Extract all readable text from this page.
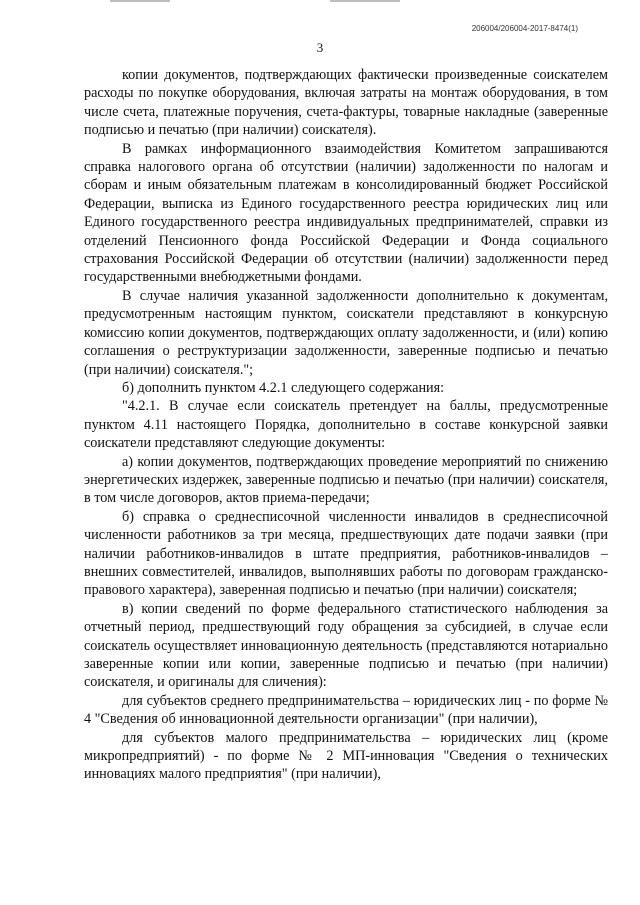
206004/206004-2017-8474(1)
3

копии документов, подтверждающих фактически произведенные соискателем расходы по покупке оборудования, включая затраты на монтаж оборудования, в том числе счета, платежные поручения, счета-фактуры, товарные накладные (заверенные подписью и печатью (при наличии) соискателя).

В рамках информационного взаимодействия Комитетом запрашиваются справка налогового органа об отсутствии (наличии) задолженности по налогам и сборам и иным обязательным платежам в консолидированный бюджет Российской Федерации, выписка из Единого государственного реестра юридических лиц или Единого государственного реестра индивидуальных предпринимателей, справки из отделений Пенсионного фонда Российской Федерации и Фонда социального страхования Российской Федерации об отсутствии (наличии) задолженности перед государственными внебюджетными фондами.

В случае наличия указанной задолженности дополнительно к документам, предусмотренным настоящим пунктом, соискатели представляют в конкурсную комиссию копии документов, подтверждающих оплату задолженности, и (или) копию соглашения о реструктуризации задолженности, заверенные подписью и печатью (при наличии) соискателя.";

б) дополнить пунктом 4.2.1 следующего содержания:

"4.2.1. В случае если соискатель претендует на баллы, предусмотренные пунктом 4.11 настоящего Порядка, дополнительно в составе конкурсной заявки соискатели представляют следующие документы:

а) копии документов, подтверждающих проведение мероприятий по снижению энергетических издержек, заверенные подписью и печатью (при наличии) соискателя, в том числе договоров, актов приема-передачи;

б) справка о среднесписочной численности инвалидов в среднесписочной численности работников за три месяца, предшествующих дате подачи заявки (при наличии работников-инвалидов в штате предприятия, работников-инвалидов – внешних совместителей, инвалидов, выполнявших работы по договорам гражданско-правового характера), заверенная подписью и печатью (при наличии) соискателя;

в) копии сведений по форме федерального статистического наблюдения за отчетный период, предшествующий году обращения за субсидией, в случае если соискатель осуществляет инновационную деятельность (представляются нотариально заверенные копии или копии, заверенные подписью и печатью (при наличии) соискателя, и оригиналы для сличения):

для субъектов среднего предпринимательства – юридических лиц - по форме № 4 "Сведения об инновационной деятельности организации" (при наличии),

для субъектов малого предпринимательства – юридических лиц (кроме микропредприятий) - по форме № 2 МП-инновация "Сведения о технических инновациях малого предприятия" (при наличии),
